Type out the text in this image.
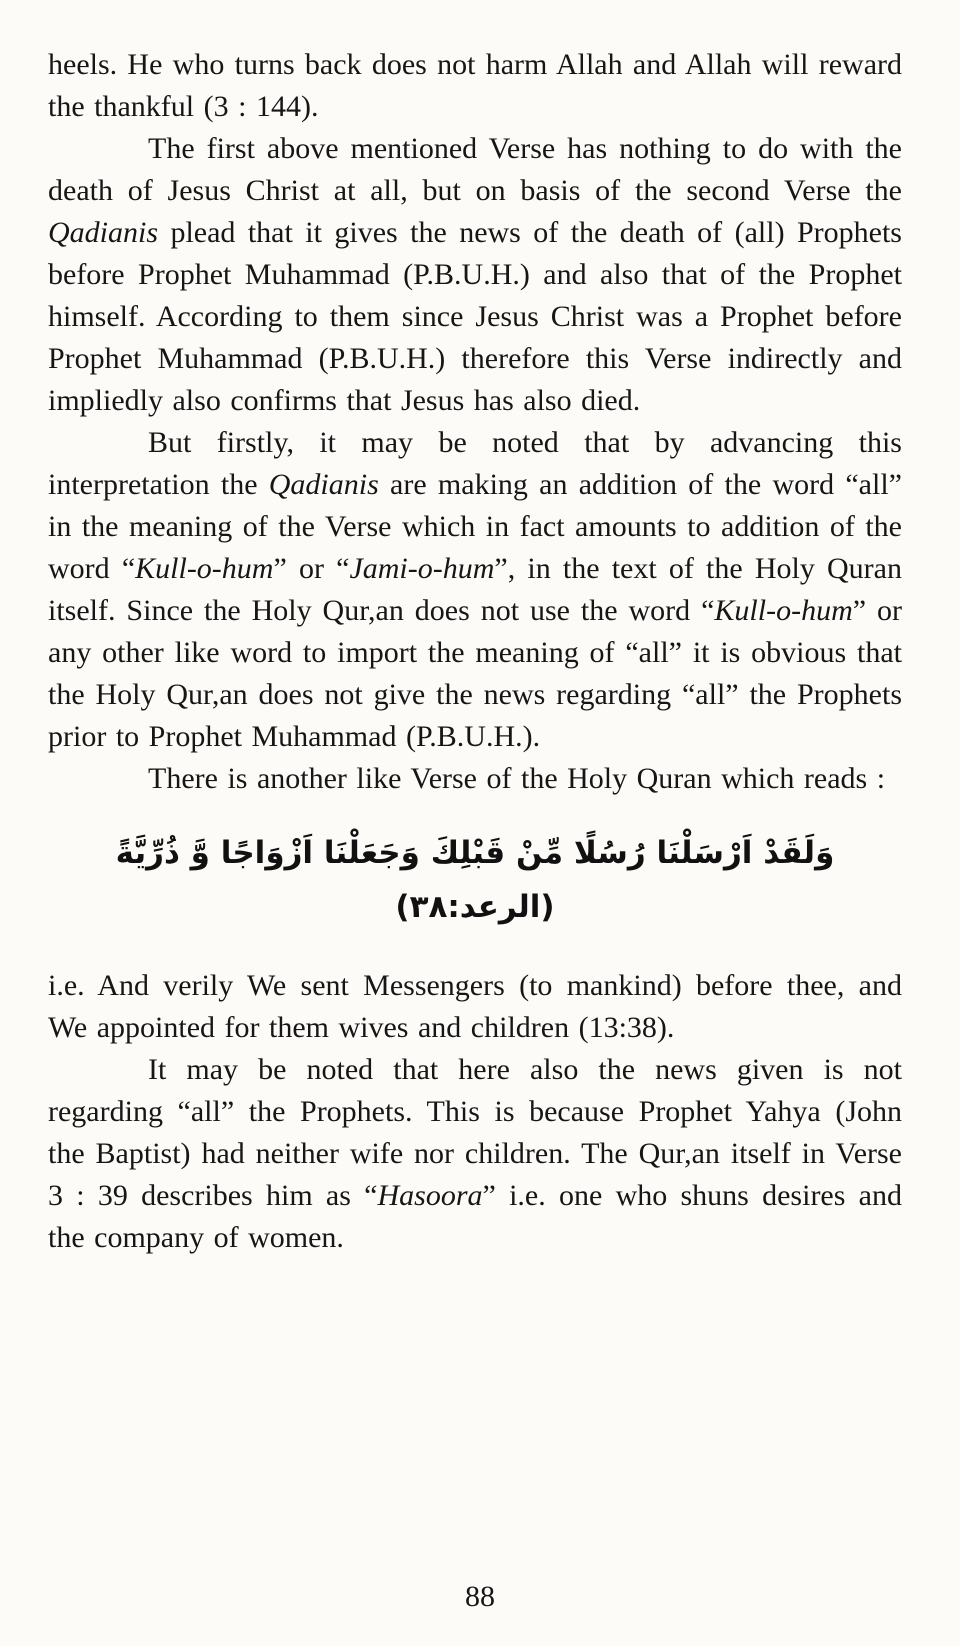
heels. He who turns back does not harm Allah and Allah will reward the thankful (3 : 144).

The first above mentioned Verse has nothing to do with the death of Jesus Christ at all, but on basis of the second Verse the Qadianis plead that it gives the news of the death of (all) Prophets before Prophet Muhammad (P.B.U.H.) and also that of the Prophet himself. According to them since Jesus Christ was a Prophet before Prophet Muhammad (P.B.U.H.) therefore this Verse indirectly and impliedly also confirms that Jesus has also died.

But firstly, it may be noted that by advancing this interpretation the Qadianis are making an addition of the word “all” in the meaning of the Verse which in fact amounts to addition of the word “Kull-o-hum” or “Jami-o-hum”, in the text of the Holy Quran itself. Since the Holy Qur,an does not use the word “Kull-o-hum” or any other like word to import the meaning of “all” it is obvious that the Holy Qur,an does not give the news regarding “all” the Prophets prior to Prophet Muhammad (P.B.U.H.).

There is another like Verse of the Holy Quran which reads :

وَلَقَدْ اَرْسَلْنَا رُسُلًا مِّنْ قَبْلِكَ وَجَعَلْنَا اَزْوَاجًا وَّ ذُرِّيَّةً (الرعد:٣٨)

i.e. And verily We sent Messengers (to mankind) before thee, and We appointed for them wives and children (13:38).

It may be noted that here also the news given is not regarding “all” the Prophets. This is because Prophet Yahya (John the Baptist) had neither wife nor children. The Qur,an itself in Verse 3 : 39 describes him as “Hasoora” i.e. one who shuns desires and the company of women.

88
